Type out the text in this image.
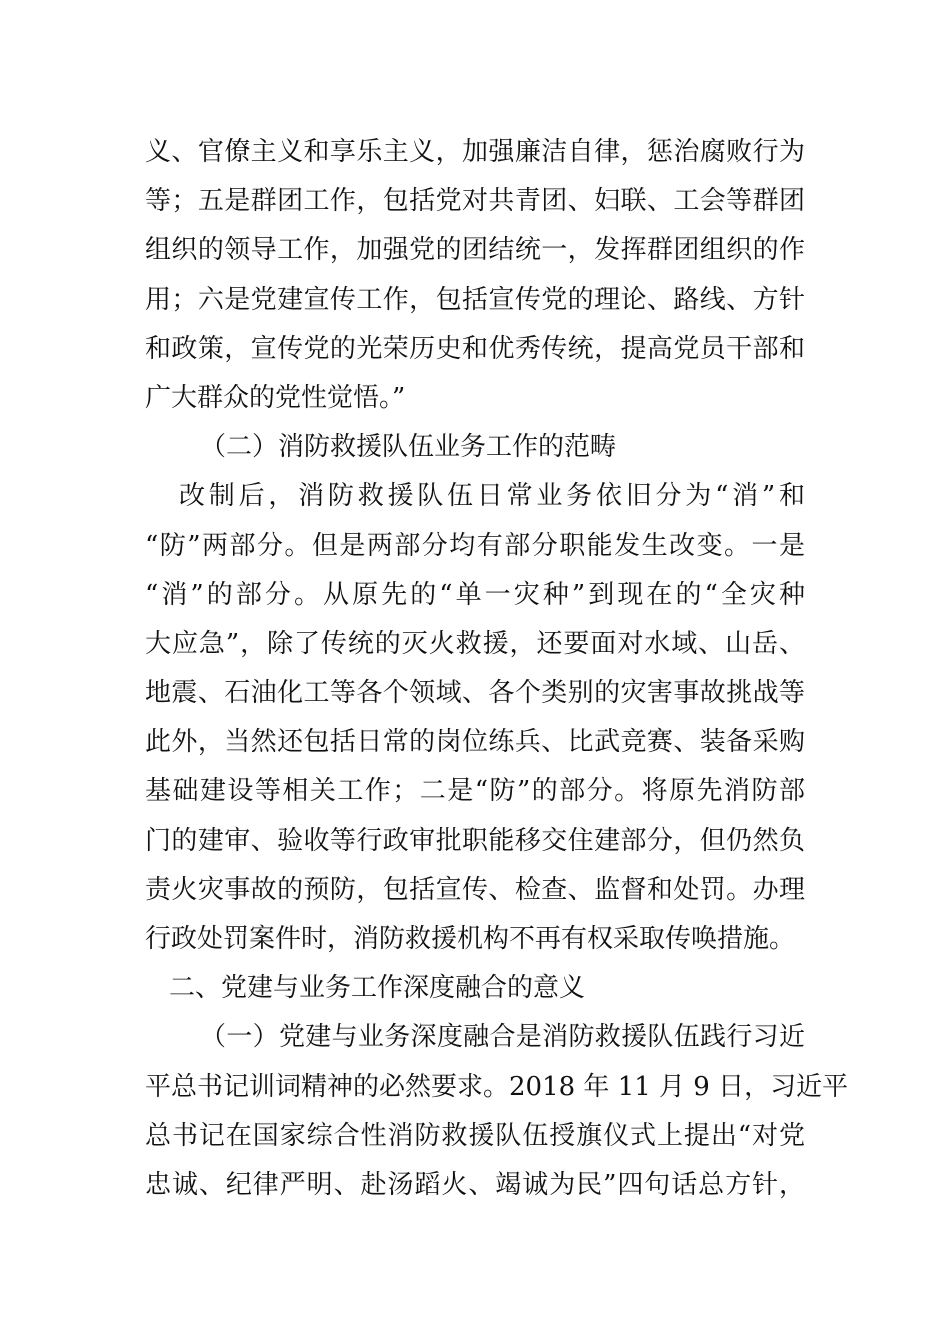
义、官僚主义和享乐主义，加强廉洁自律，惩治腐败行为
等；五是群团工作，包括党对共青团、妇联、工会等群团
组织的领导工作，加强党的团结统一，发挥群团组织的作
用；六是党建宣传工作，包括宣传党的理论、路线、方针
和政策，宣传党的光荣历史和优秀传统，提高党员干部和
广大群众的党性觉悟。”
（二）消防救援队伍业务工作的范畴
改制后，消防救援队伍日常业务依旧分为“消”和
“防”两部分。但是两部分均有部分职能发生改变。一是
“消”的部分。从原先的“单一灾种”到现在的“全灾种
大应急”，除了传统的灭火救援，还要面对水域、山岳、
地震、石油化工等各个领域、各个类别的灾害事故挑战等
此外，当然还包括日常的岗位练兵、比武竞赛、装备采购
基础建设等相关工作；二是“防”的部分。将原先消防部
门的建审、验收等行政审批职能移交住建部分，但仍然负
责火灾事故的预防，包括宣传、检查、监督和处罚。办理
行政处罚案件时，消防救援机构不再有权采取传唤措施。
二、党建与业务工作深度融合的意义
（一）党建与业务深度融合是消防救援队伍践行习近
平总书记训词精神的必然要求。2018 年 11 月 9 日，习近平
总书记在国家综合性消防救援队伍授旗仪式上提出“对党
忠诚、纪律严明、赴汤蹈火、竭诚为民”四句话总方针，
